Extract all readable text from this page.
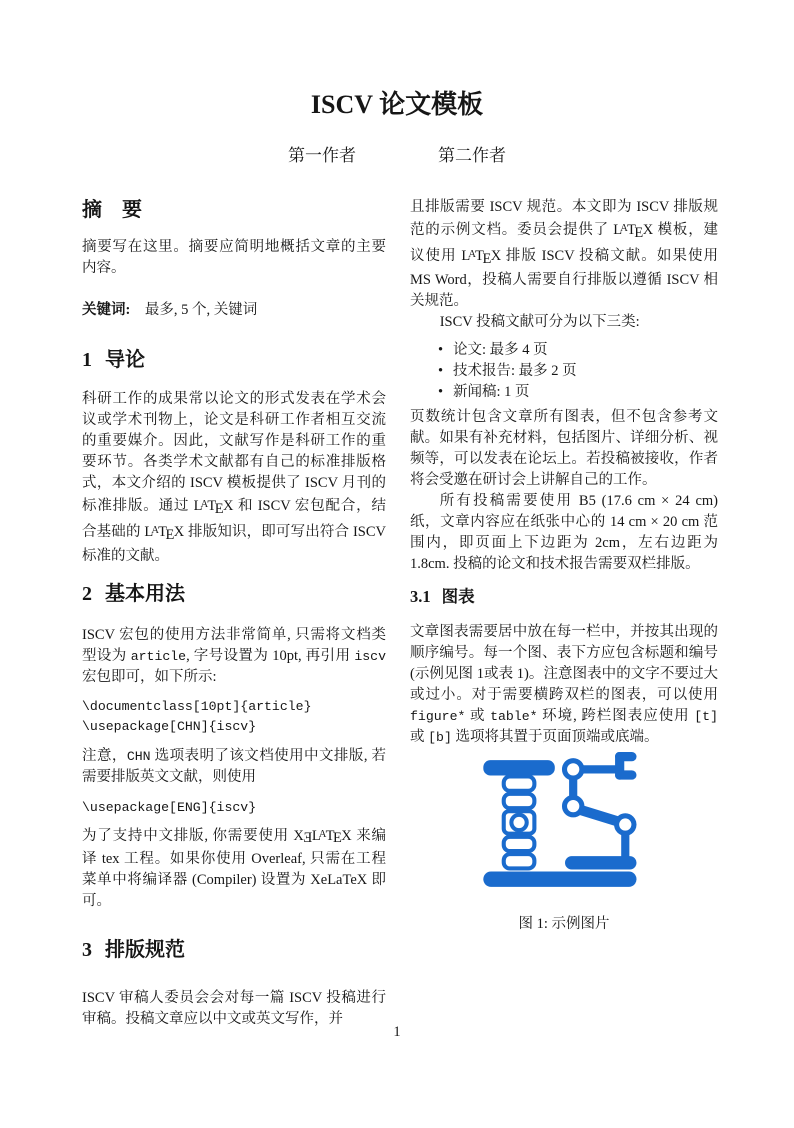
ISCV 论文模板
第一作者	第二作者
摘　要

摘要写在这里。摘要应简明地概括文章的主要内容。

关键词:　最多, 5 个, 关键词

1 导论

科研工作的成果常以论文的形式发表在学术会议或学术刊物上，论文是科研工作者相互交流的重要媒介。因此，文献写作是科研工作的重要环节。各类学术文献都有自己的标准排版格式，本文介绍的 ISCV 模板提供了 ISCV 月刊的标准排版。通过 LATEX 和 ISCV 宏包配合，结合基础的 LATEX 排版知识，即可写出符合 ISCV 标准的文献。

2 基本用法

ISCV 宏包的使用方法非常简单, 只需将文档类型设为 article, 字号设置为 10pt, 再引用 iscv 宏包即可，如下所示:

\documentclass[10pt]{article}
\usepackage[CHN]{iscv}

注意，CHN 选项表明了该文档使用中文排版, 若需要排版英文文献，则使用

\usepackage[ENG]{iscv}

为了支持中文排版, 你需要使用 XƎLATEX 来编译 tex 工程。如果你使用 Overleaf, 只需在工程菜单中将编译器 (Compiler) 设置为 XeLaTeX 即可。

3 排版规范

ISCV 审稿人委员会会对每一篇 ISCV 投稿进行审稿。投稿文章应以中文或英文写作，并

且排版需要 ISCV 规范。本文即为 ISCV 排版规范的示例文档。委员会提供了 LATEX 模板，建议使用 LATEX 排版 ISCV 投稿文献。如果使用 MS Word，投稿人需要自行排版以遵循 ISCV 相关规范。

ISCV 投稿文献可分为以下三类:

• 论文: 最多 4 页
• 技术报告: 最多 2 页
• 新闻稿: 1 页

页数统计包含文章所有图表，但不包含参考文献。如果有补充材料，包括图片、详细分析、视频等，可以发表在论坛上。若投稿被接收，作者将会受邀在研讨会上讲解自己的工作。

所有投稿需要使用 B5 (17.6 cm × 24 cm) 纸，文章内容应在纸张中心的 14 cm × 20 cm 范围内，即页面上下边距为 2cm，左右边距为 1.8cm. 投稿的论文和技术报告需要双栏排版。

3.1 图表

文章图表需要居中放在每一栏中，并按其出现的顺序编号。每一个图、表下方应包含标题和编号 (示例见图 1或表 1)。注意图表中的文字不要过大或过小。对于需要横跨双栏的图表，可以使用 figure* 或 table* 环境, 跨栏图表应使用 [t] 或 [b] 选项将其置于页面顶端或底端。

图 1: 示例图片
1
